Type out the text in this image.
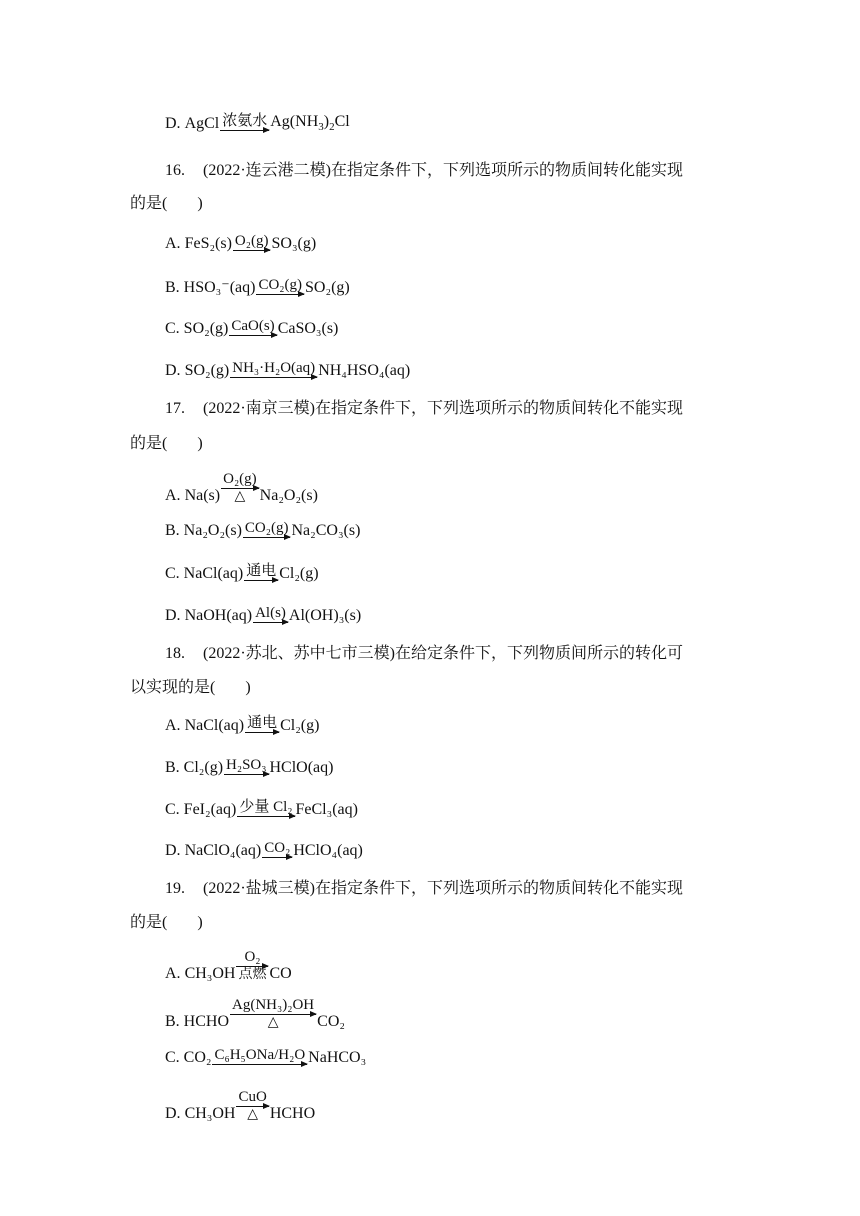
D. AgCl 浓氨水 $Ag(NH_3)_2Cl$
16. (2022·连云港二模)在指定条件下，下列选项所示的物质间转化能实现
的是( )
A. FeS₂(s) O₂(g) SO₃(g)
B. HSO₃⁻(aq) CO₂(g) SO₂(g)
C. SO₂(g) CaO(s) CaSO₃(s)
D. SO₂(g) NH₃·H₂O(aq) NH₄HSO₄(aq)
17. (2022·南京三模)在指定条件下，下列选项所示的物质间转化不能实现
的是( )
A. Na(s)
O₂(g)
△ Na₂O₂(s)
B. Na₂O₂(s) CO₂(g) Na₂CO₃(s)
C. NaCl(aq) 通电 Cl₂(g)
D. NaOH(aq) Al(s) Al(OH)₃(s)
18. (2022·苏北、苏中七市三模)在给定条件下，下列物质间所示的转化可
以实现的是( )
A. NaCl(aq) 通电 Cl₂(g)
B. Cl₂(g) H₂SO₃ HClO(aq)
C. FeI₂(aq) 少量 Cl₂ FeCl₃(aq)
D. NaClO₄(aq) CO₂ HClO₄(aq)
19. (2022·盐城三模)在指定条件下，下列选项所示的物质间转化不能实现
的是( )
A. CH₃OH
O₂
点燃 CO
B. HCHO
Ag(NH₃)₂OH
△ CO₂
C. CO₂ C₆H₅ONa/H₂O NaHCO₃
D. CH₃OH
CuO
△ HCHO
